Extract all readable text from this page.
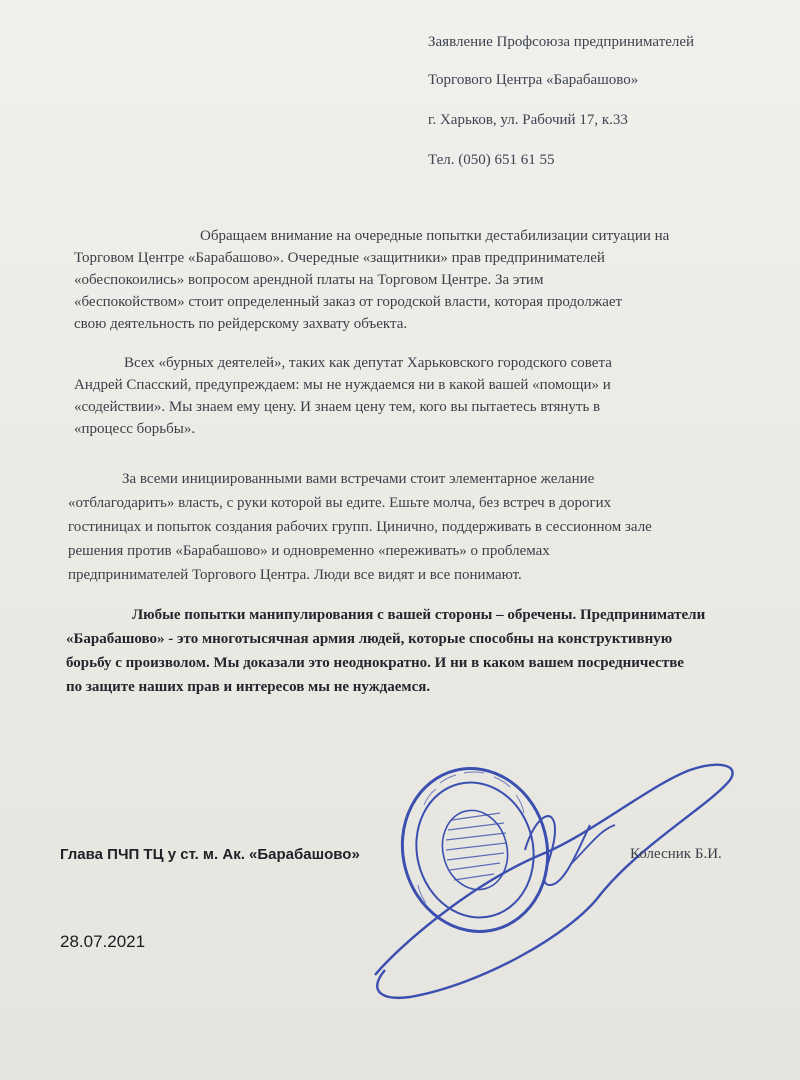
Заявление Профсоюза предпринимателей
Торгового Центра «Барабашово»
г. Харьков, ул. Рабочий 17, к.33
Тел. (050) 651 61 55
Обращаем внимание на очередные попытки дестабилизации ситуации на
Торговом Центре «Барабашово». Очередные «защитники» прав предпринимателей
«обеспокоились» вопросом арендной платы на Торговом Центре. За этим
«беспокойством» стоит определенный заказ от городской власти, которая продолжает
свою деятельность по рейдерскому захвату объекта.
Всех «бурных деятелей», таких как депутат Харьковского городского совета
Андрей Спасский, предупреждаем: мы не нуждаемся ни в какой вашей «помощи» и
«содействии». Мы знаем ему цену. И знаем цену тем, кого вы пытаетесь втянуть в
«процесс борьбы».
За всеми инициированными вами встречами стоит элементарное желание
«отблагодарить» власть, с руки которой вы едите. Ешьте молча, без встреч в дорогих
гостиницах и попыток создания рабочих групп. Цинично, поддерживать в сессионном зале
решения против «Барабашово» и одновременно «переживать» о проблемах
предпринимателей Торгового Центра. Люди все видят и все понимают.
Любые попытки манипулирования с вашей стороны – обречены. Предприниматели
«Барабашово» - это многотысячная армия людей, которые способны на конструктивную
борьбу с произволом. Мы доказали это неоднократно. И ни в каком вашем посредничестве
по защите наших прав и интересов мы не нуждаемся.
Глава ПЧП ТЦ у ст. м. Ак. «Барабашово»	Колесник Б.И.
28.07.2021
